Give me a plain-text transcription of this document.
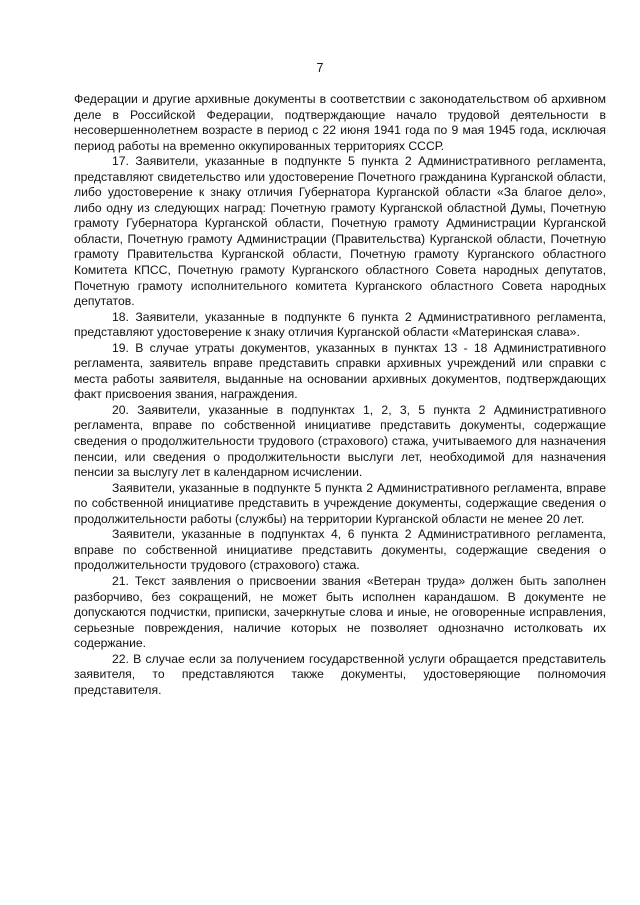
7

Федерации и другие архивные документы в соответствии с законодательством об архивном деле в Российской Федерации, подтверждающие начало трудовой деятельности в несовершеннолетнем возрасте в период с 22 июня 1941 года по 9 мая 1945 года, исключая период работы на временно оккупированных территориях СССР.

17. Заявители, указанные в подпункте 5 пункта 2 Административного регламента, представляют свидетельство или удостоверение Почетного гражданина Курганской области, либо удостоверение к знаку отличия Губернатора Курганской области «За благое дело», либо одну из следующих наград: Почетную грамоту Курганской областной Думы, Почетную грамоту Губернатора Курганской области, Почетную грамоту Администрации Курганской области, Почетную грамоту Администрации (Правительства) Курганской области, Почетную грамоту Правительства Курганской области, Почетную грамоту Курганского областного Комитета КПСС, Почетную грамоту Курганского областного Совета народных депутатов, Почетную грамоту исполнительного комитета Курганского областного Совета народных депутатов.

18. Заявители, указанные в подпункте 6 пункта 2 Административного регламента, представляют удостоверение к знаку отличия Курганской области «Материнская слава».

19. В случае утраты документов, указанных в пунктах 13 - 18 Административного регламента, заявитель вправе представить справки архивных учреждений или справки с места работы заявителя, выданные на основании архивных документов, подтверждающих факт присвоения звания, награждения.

20. Заявители, указанные в подпунктах 1, 2, 3, 5 пункта 2 Административного регламента, вправе по собственной инициативе представить документы, содержащие сведения о продолжительности трудового (страхового) стажа, учитываемого для назначения пенсии, или сведения о продолжительности выслуги лет, необходимой для назначения пенсии за выслугу лет в календарном исчислении.

Заявители, указанные в подпункте 5 пункта 2 Административного регламента, вправе по собственной инициативе представить в учреждение документы, содержащие сведения о продолжительности работы (службы) на территории Курганской области не менее 20 лет.

Заявители, указанные в подпунктах 4, 6 пункта 2 Административного регламента, вправе по собственной инициативе представить документы, содержащие сведения о продолжительности трудового (страхового) стажа.

21. Текст заявления о присвоении звания «Ветеран труда» должен быть заполнен разборчиво, без сокращений, не может быть исполнен карандашом. В документе не допускаются подчистки, приписки, зачеркнутые слова и иные, не оговоренные исправления, серьезные повреждения, наличие которых не позволяет однозначно истолковать их содержание.

22. В случае если за получением государственной услуги обращается представитель заявителя, то представляются также документы, удостоверяющие полномочия представителя.
